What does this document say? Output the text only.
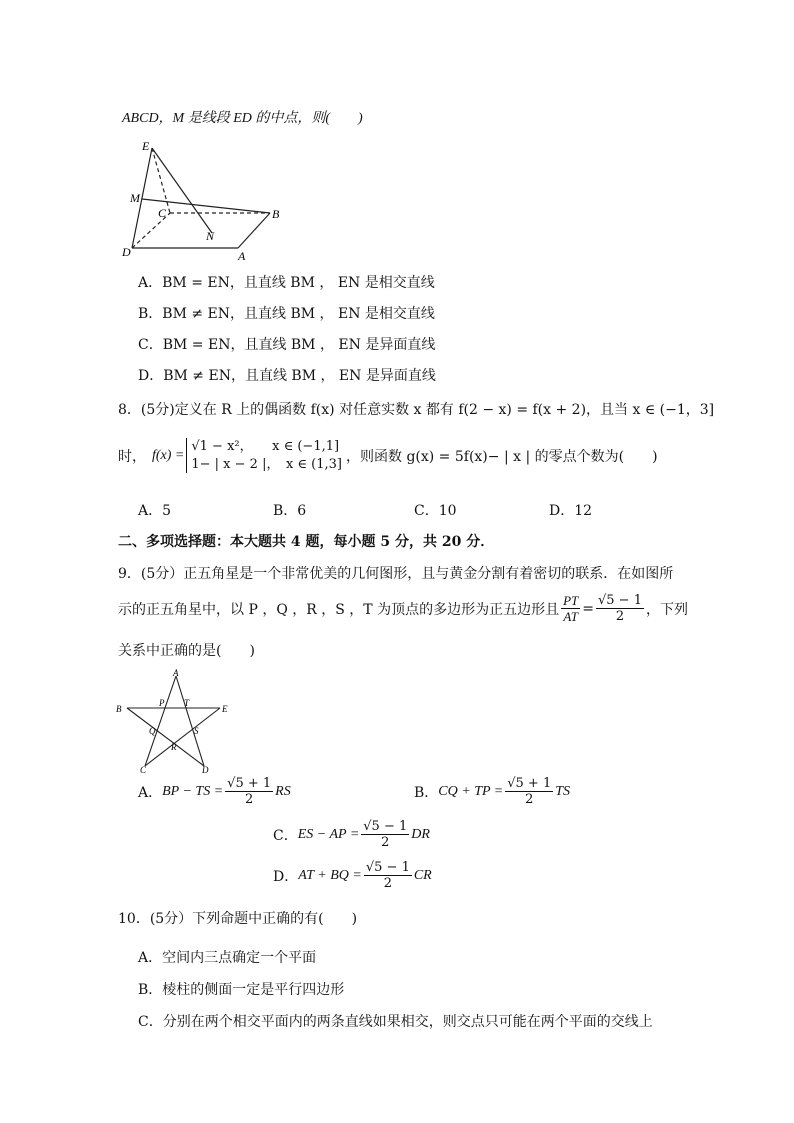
ABCD，M 是线段 ED 的中点，则(　　)
E
M
C	B
N
D	A
A．BM = EN，且直线 BM ， EN 是相交直线
B．BM ≠ EN，且直线 BM ， EN 是相交直线
C．BM = EN，且直线 BM ， EN 是异面直线
D．BM ≠ EN，且直线 BM ， EN 是异面直线
8．(5分)定义在 R 上的偶函数 f(x) 对任意实数 x 都有 f(2 − x) = f(x + 2)，且当 x ∈ (−1，3]
时， f(x) =
√1 − x²，　　x ∈ (−1,1]
1− | x − 2 |，　x ∈ (1,3] ，则函数 g(x) = 5f(x)− | x | 的零点个数为(　　)
A．5	B．6	C．10	D．12
二、多项选择题：本大题共 4 题，每小题 5 分，共 20 分．
9．(5分）正五角星是一个非常优美的几何图形，且与黄金分割有着密切的联系．在如图所
示的正五角星中，以 P ，Q ，R ，S ，T 为顶点的多边形为正五边形且 $\frac{PT}{AT} = \frac{√5 - 1}{2}$ ，下列
关系中正确的是(　　)
A
B	E
P T
Q	S
R
C	D
A． BP − TS = $\frac{√5 + 1}{2}$ RS	B． CQ + TP = $\frac{√5 + 1}{2}$ TS
C． ES − AP = $\frac{√5 - 1}{2}$ DR
D． AT + BQ = $\frac{√5 - 1}{2}$ CR
10．(5分）下列命题中正确的有(　　)
A．空间内三点确定一个平面
B．棱柱的侧面一定是平行四边形
C．分别在两个相交平面内的两条直线如果相交，则交点只可能在两个平面的交线上
